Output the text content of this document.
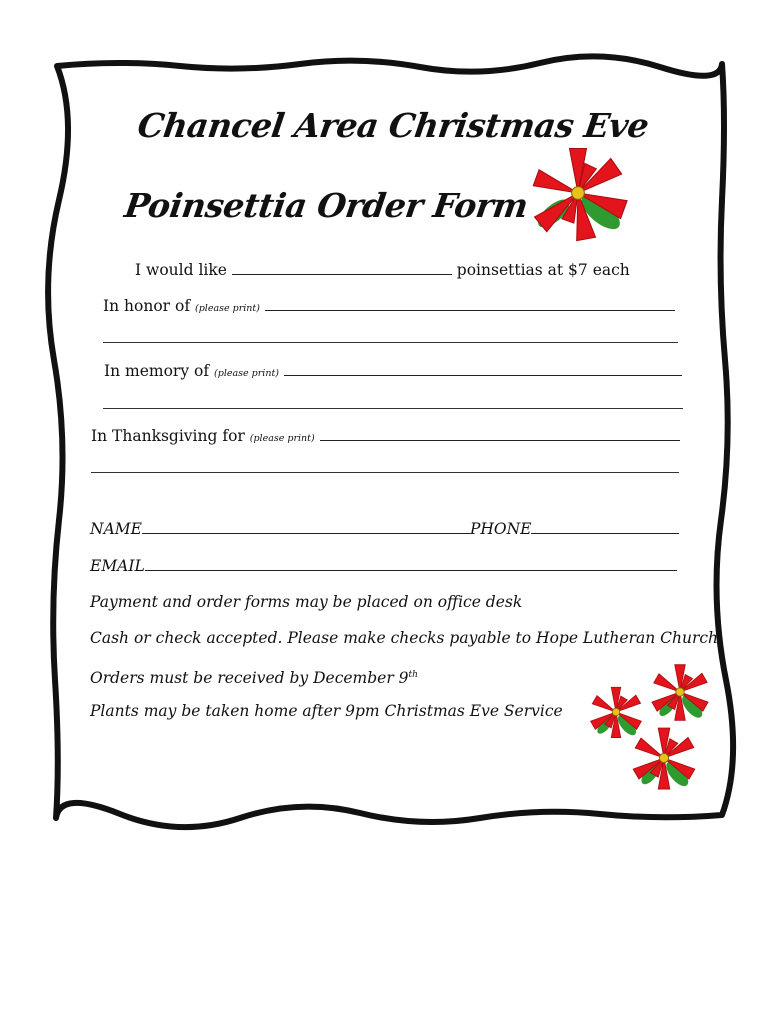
Chancel Area Christmas Eve
Poinsettia Order Form
I would like	poinsettias at $7 each
In honor of (please print)
In memory of (please print)
In Thanksgiving for (please print)
NAME	PHONE
EMAIL
Payment and order forms may be placed on office desk
Cash or check accepted. Please make checks payable to Hope Lutheran Church
Orders must be received by December 9th
Plants may be taken home after 9pm Christmas Eve Service
